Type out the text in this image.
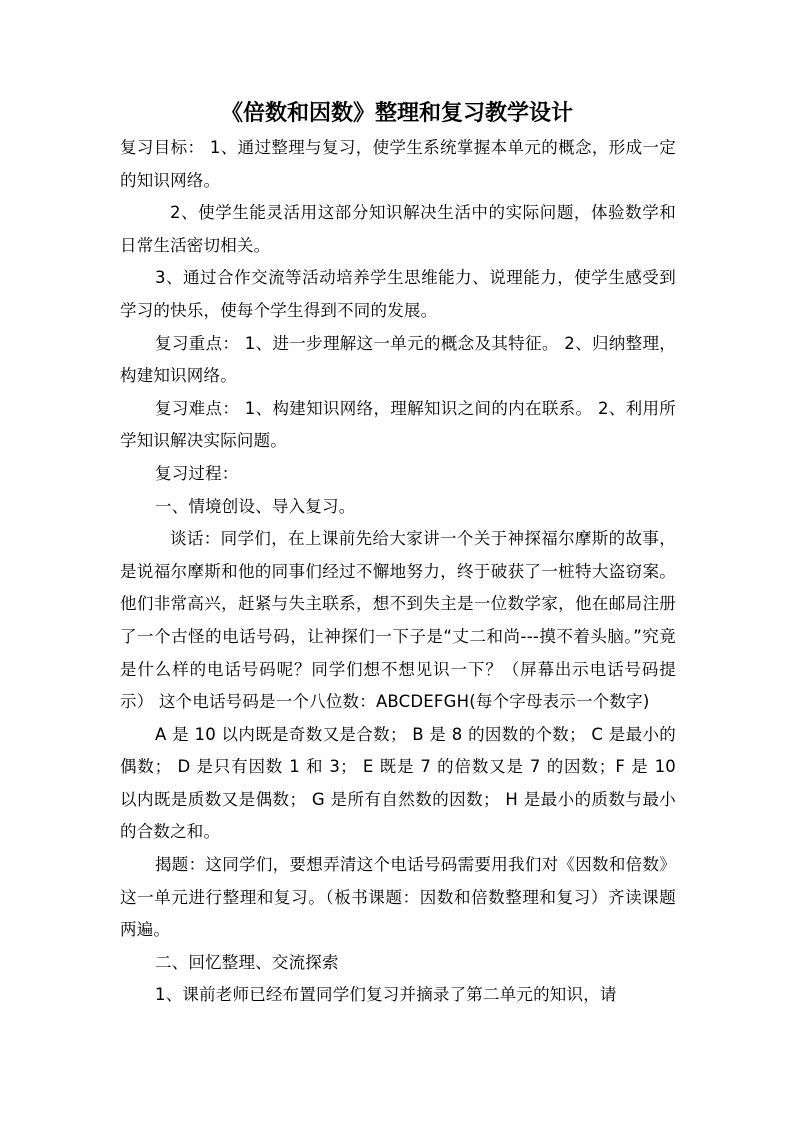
《倍数和因数》整理和复习教学设计

复习目标： 1、通过整理与复习，使学生系统掌握本单元的概念，形成一定的知识网络。

2、使学生能灵活用这部分知识解决生活中的实际问题，体验数学和日常生活密切相关。

3、通过合作交流等活动培养学生思维能力、说理能力，使学生感受到学习的快乐，使每个学生得到不同的发展。

复习重点： 1、进一步理解这一单元的概念及其特征。 2、归纳整理，构建知识网络。

复习难点： 1、构建知识网络，理解知识之间的内在联系。 2、利用所学知识解决实际问题。

复习过程：

一、情境创设、导入复习。

谈话：同学们，在上课前先给大家讲一个关于神探福尔摩斯的故事，是说福尔摩斯和他的同事们经过不懈地努力，终于破获了一桩特大盗窃案。他们非常高兴，赶紧与失主联系，想不到失主是一位数学家，他在邮局注册了一个古怪的电话号码，让神探们一下子是“丈二和尚---摸不着头脑。”究竟是什么样的电话号码呢？同学们想不想见识一下？（屏幕出示电话号码提示） 这个电话号码是一个八位数：ABCDEFGH(每个字母表示一个数字)

A 是 10 以内既是奇数又是合数； B 是 8 的因数的个数； C 是最小的偶数； D 是只有因数 1 和 3； E 既是 7 的倍数又是 7 的因数；F 是 10 以内既是质数又是偶数； G 是所有自然数的因数； H 是最小的质数与最小的合数之和。

揭题：这同学们，要想弄清这个电话号码需要用我们对《因数和倍数》这一单元进行整理和复习。（板书课题：因数和倍数整理和复习）齐读课题两遍。

二、回忆整理、交流探索

1、课前老师已经布置同学们复习并摘录了第二单元的知识，请
